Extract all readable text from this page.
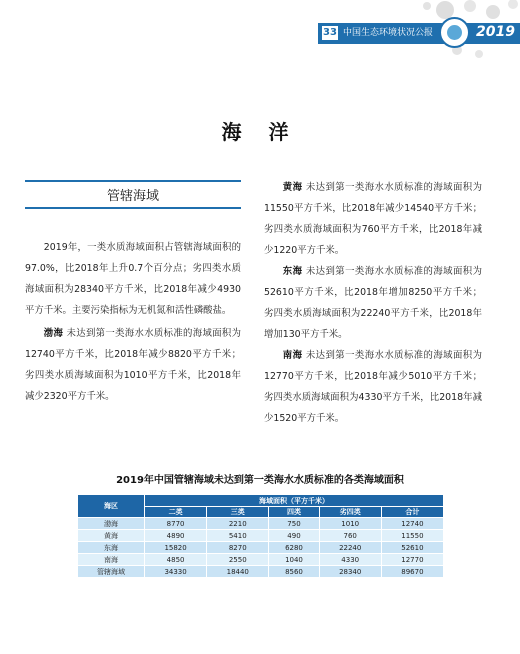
33 中国生态环境状况公报	2019
海 洋
管辖海域

2019年，一类水质海域面积占管辖海域面积的97.0%，比2018年上升0.7个百分点；劣四类水质海域面积为28340平方千米，比2018年减少4930平方千米。主要污染指标为无机氮和活性磷酸盐。

渤海 未达到第一类海水水质标准的海域面积为12740平方千米，比2018年减少8820平方千米；劣四类水质海域面积为1010平方千米，比2018年减少2320平方千米。

黄海 未达到第一类海水水质标准的海域面积为11550平方千米，比2018年减少14540平方千米；劣四类水质海域面积为760平方千米，比2018年减少1220平方千米。

东海 未达到第一类海水水质标准的海域面积为52610平方千米，比2018年增加8250平方千米；劣四类水质海域面积为22240平方千米，比2018年增加130平方千米。

南海 未达到第一类海水水质标准的海域面积为12770平方千米，比2018年减少5010平方千米；劣四类水质海域面积为4330平方千米，比2018年减少1520平方千米。

2019年中国管辖海域未达到第一类海水水质标准的各类海域面积
海区	海域面积（平方千米）				
	二类	三类	四类	劣四类	合计
渤海	8770	2210	750	1010	12740
黄海	4890	5410	490	760	11550
东海	15820	8270	6280	22240	52610
南海	4850	2550	1040	4330	12770
管辖海域	34330	18440	8560	28340	89670
